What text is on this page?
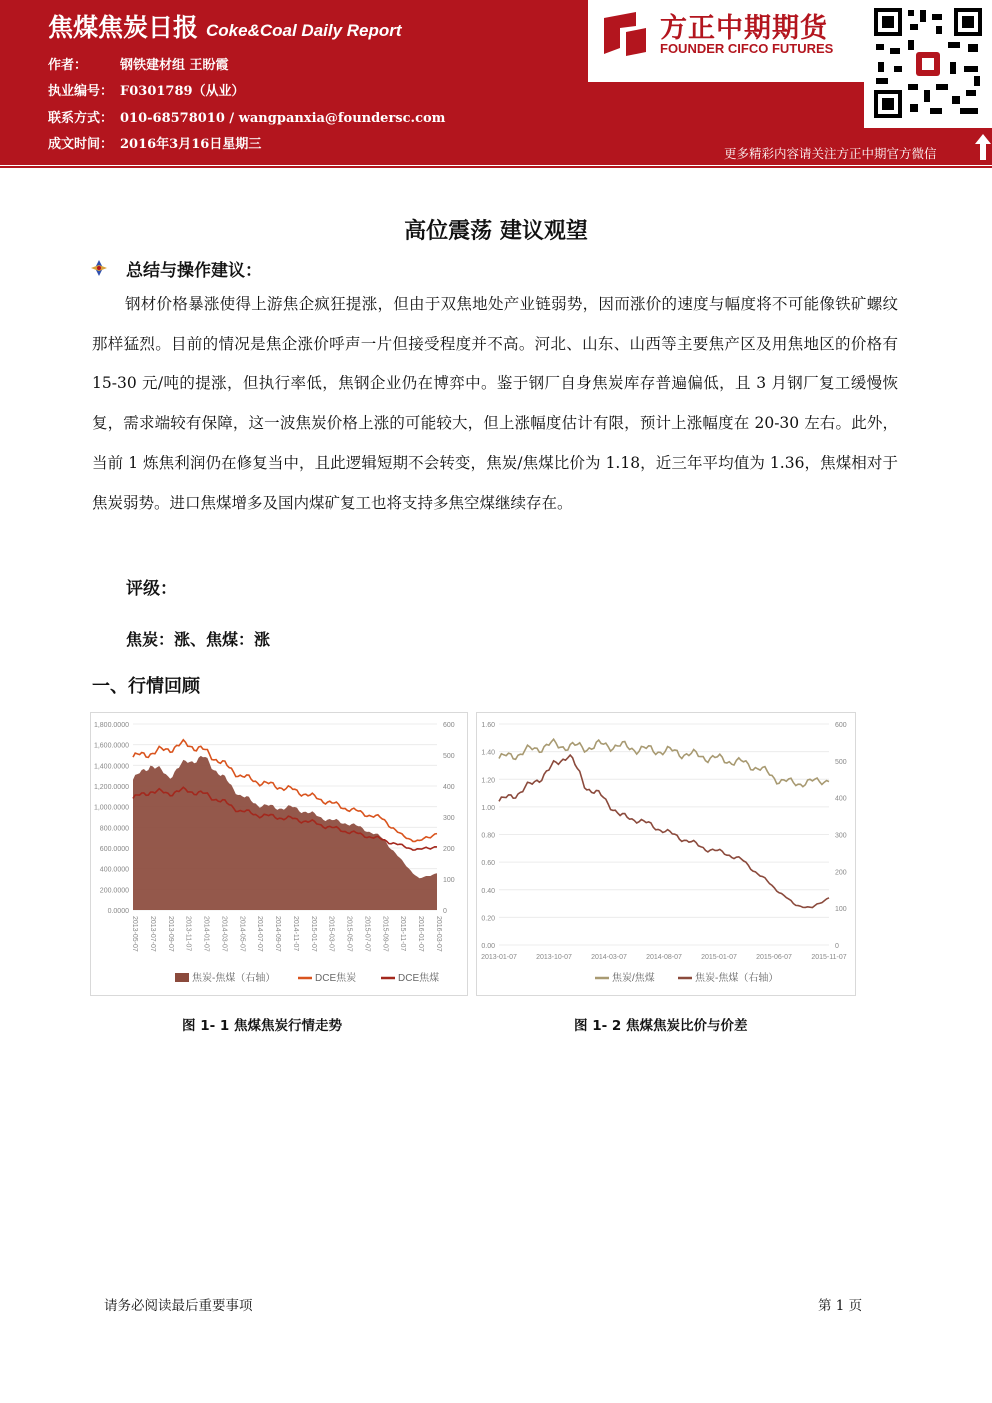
焦煤焦炭日报 Coke&Coal Daily Report
作者：	钢铁建材组 王盼霞
执业编号： F0301789（从业）
联系方式： 010-68578010 / wangpanxia@foundersc.com
成文时间： 2016年3月16日星期三
方正中期期货
FOUNDER CIFCO FUTURES
更多精彩内容请关注方正中期官方微信
高位震荡 建议观望
总结与操作建议：
钢材价格暴涨使得上游焦企疯狂提涨，但由于双焦地处产业链弱势，因而涨价的速度与幅度将不可能像铁矿螺纹那样猛烈。目前的情况是焦企涨价呼声一片但接受程度并不高。河北、山东、山西等主要焦产区及用焦地区的价格有 15-30 元/吨的提涨，但执行率低，焦钢企业仍在博弈中。鉴于钢厂自身焦炭库存普遍偏低，且 3 月钢厂复工缓慢恢复，需求端较有保障，这一波焦炭价格上涨的可能较大，但上涨幅度估计有限，预计上涨幅度在 20-30 左右。此外，当前 1 炼焦利润仍在修复当中，且此逻辑短期不会转变，焦炭/焦煤比价为 1.18，近三年平均值为 1.36，焦煤相对于焦炭弱势。进口焦煤增多及国内煤矿复工也将支持多焦空煤继续存在。
评级：
焦炭：涨、焦煤：涨
一、行情回顾
0.0000
200.0000
400.0000
600.0000
800.0000
1,000.0000
1,200.0000
1,400.0000
1,600.0000
1,800.0000
0
100
200
300
400
500
600
2013-05-07 2013-07-07 2013-09-07 2013-11-07 2014-01-07 2014-03-07 2014-05-07 2014-07-07 2014-09-07 2014-11-07 2015-01-07 2015-03-07 2015-05-07 2015-07-07 2015-09-07 2015-11-07 2016-01-07 2016-03-07
焦炭-焦煤（右轴）	DCE焦炭	DCE焦煤
0.00
0.20
0.40
0.60
0.80
1.00
1.20
1.40
1.60
0
100
200
300
400
500
600
2013-01-07	2013-10-07	2014-03-07	2014-08-07	2015-01-07	2015-06-07	2015-11-07
焦炭/焦煤	焦炭-焦煤（右轴）
图 1- 1 焦煤焦炭行情走势	图 1- 2 焦煤焦炭比价与价差
请务必阅读最后重要事项	第 1 页
